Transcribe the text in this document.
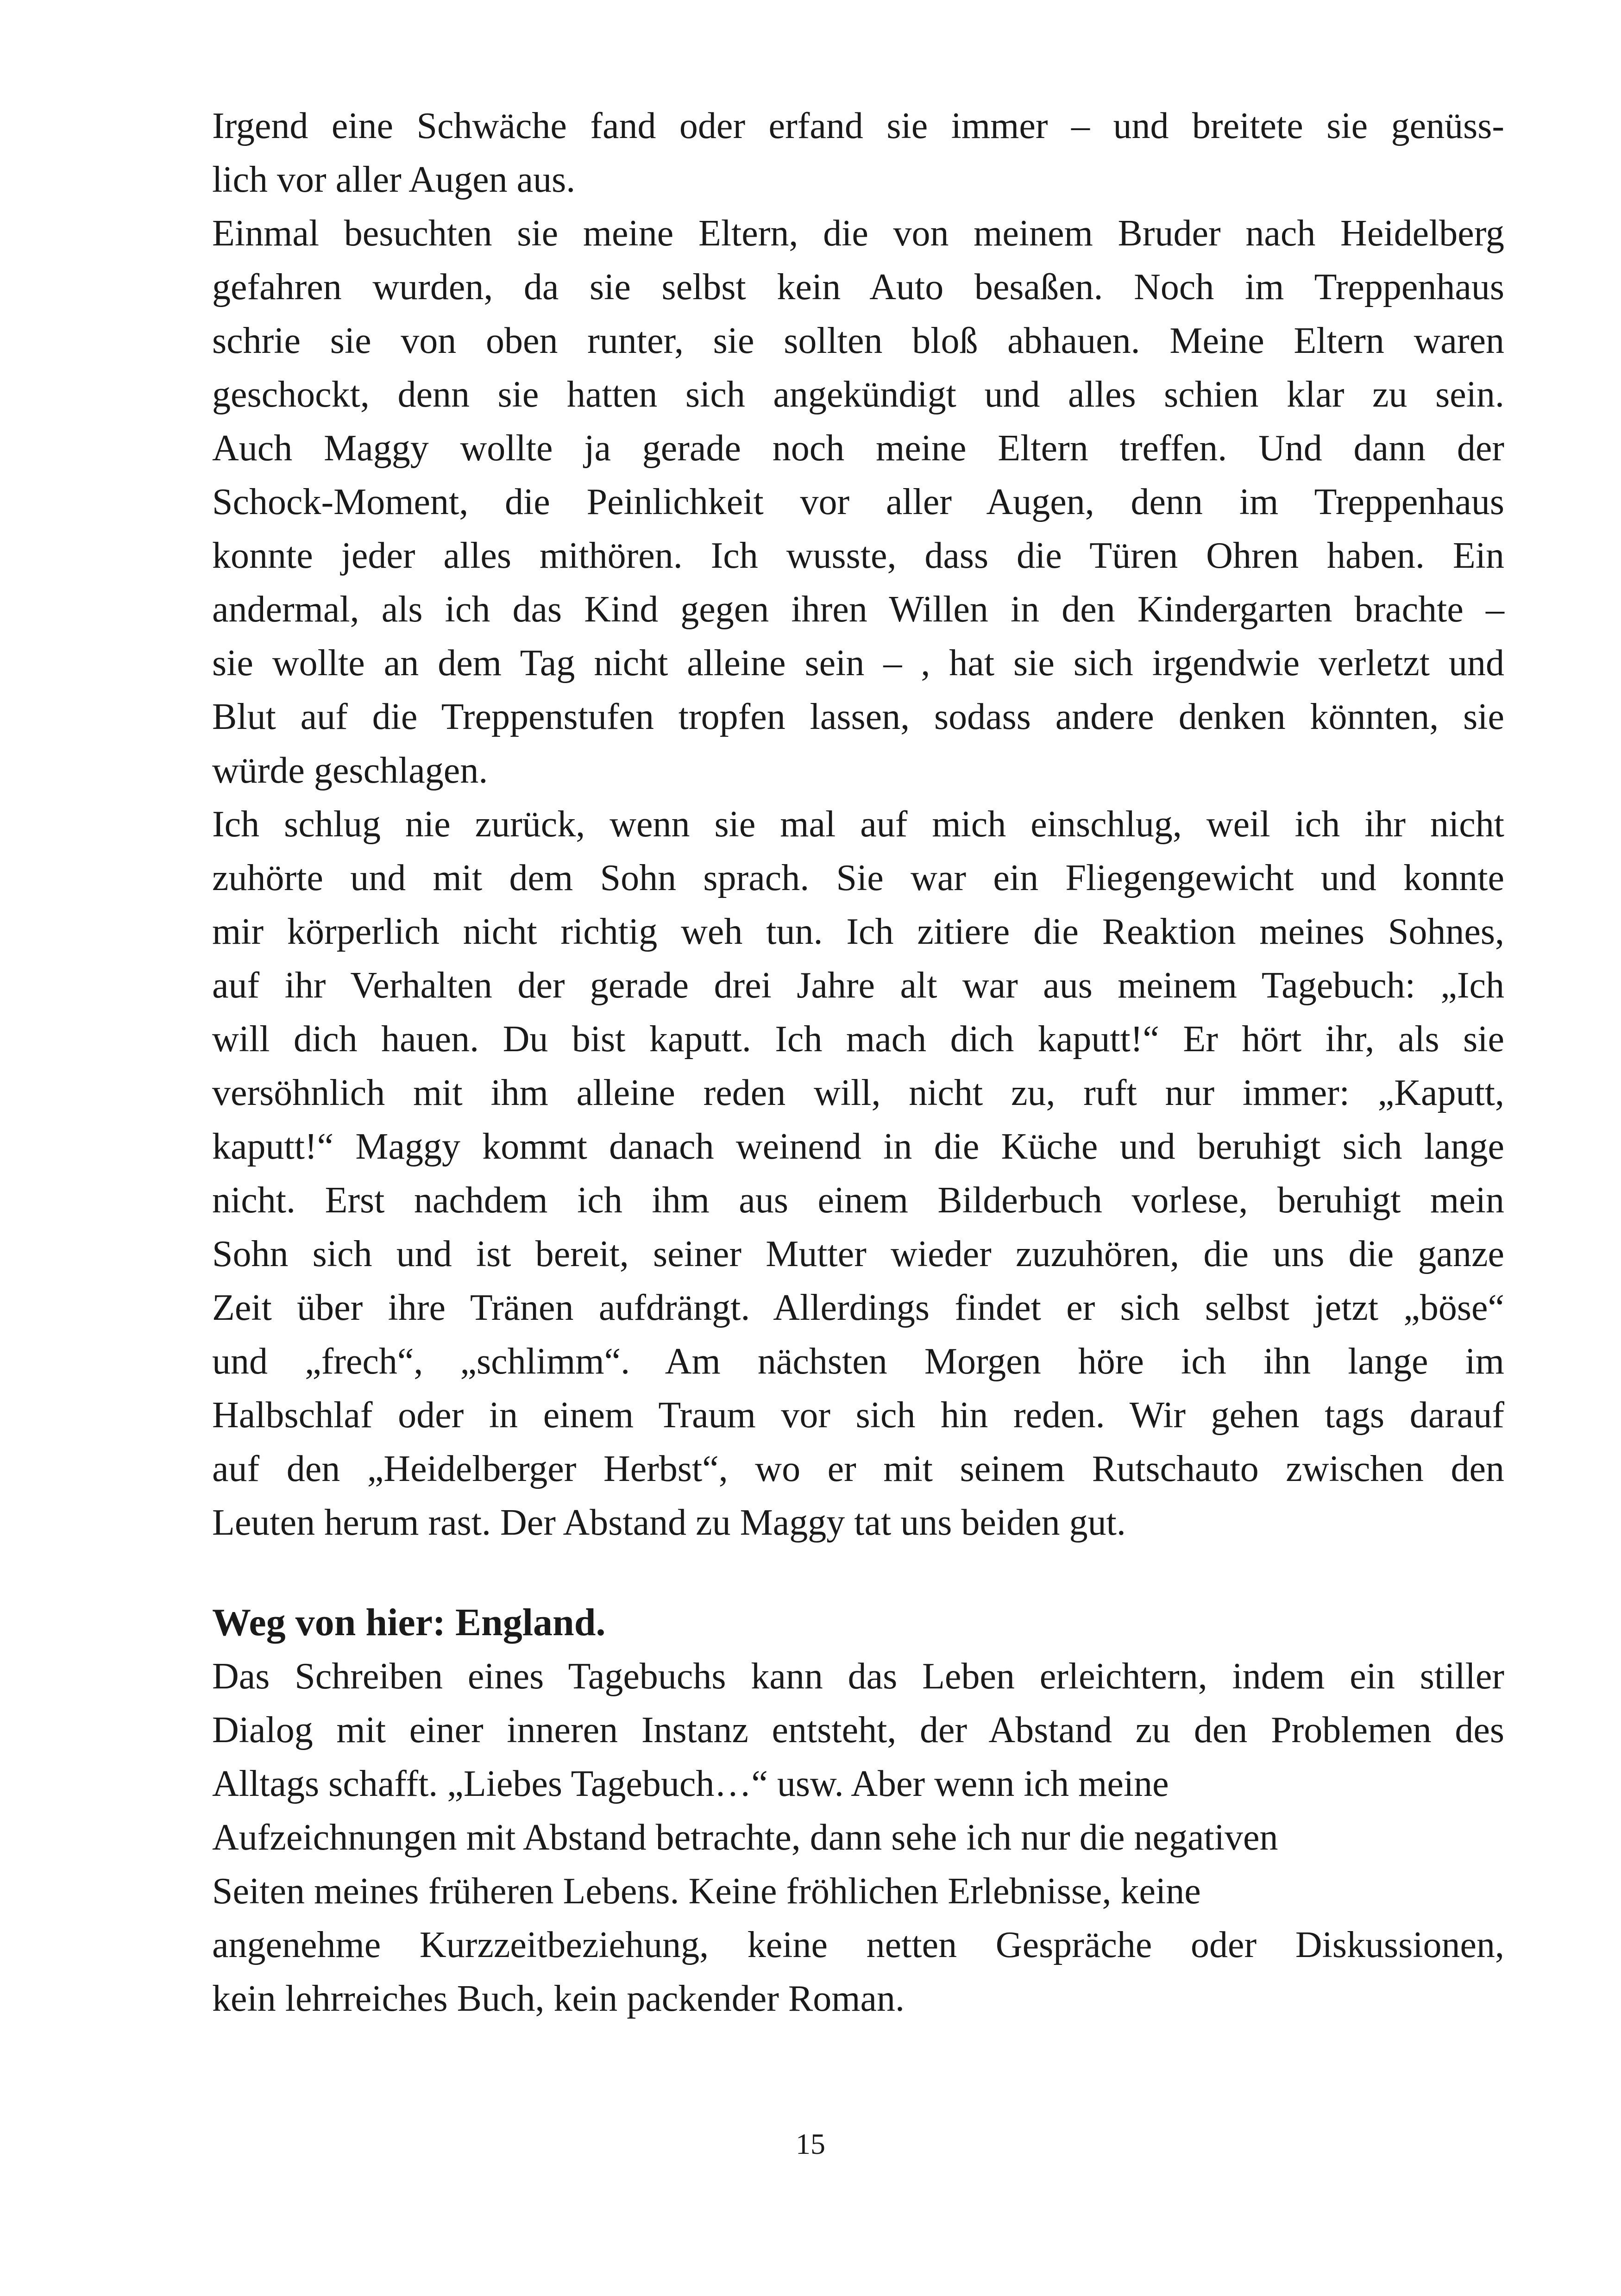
Irgend eine Schwäche fand oder erfand sie immer – und breitete sie genüss-
lich vor aller Augen aus.
Einmal besuchten sie meine Eltern, die von meinem Bruder nach Heidelberg
gefahren wurden, da sie selbst kein Auto besaßen. Noch im Treppenhaus
schrie sie von oben runter, sie sollten bloß abhauen. Meine Eltern waren
geschockt, denn sie hatten sich angekündigt und alles schien klar zu sein.
Auch Maggy wollte ja gerade noch meine Eltern treffen. Und dann der
Schock-Moment, die Peinlichkeit vor aller Augen, denn im Treppenhaus
konnte jeder alles mithören. Ich wusste, dass die Türen Ohren haben. Ein
andermal, als ich das Kind gegen ihren Willen in den Kindergarten brachte –
sie wollte an dem Tag nicht alleine sein – , hat sie sich irgendwie verletzt und
Blut auf die Treppenstufen tropfen lassen, sodass andere denken könnten, sie
würde geschlagen.
Ich schlug nie zurück, wenn sie mal auf mich einschlug, weil ich ihr nicht
zuhörte und mit dem Sohn sprach. Sie war ein Fliegengewicht und konnte
mir körperlich nicht richtig weh tun. Ich zitiere die Reaktion meines Sohnes,
auf ihr Verhalten der gerade drei Jahre alt war aus meinem Tagebuch: „Ich
will dich hauen. Du bist kaputt. Ich mach dich kaputt!“ Er hört ihr, als sie
versöhnlich mit ihm alleine reden will, nicht zu, ruft nur immer: „Kaputt,
kaputt!“ Maggy kommt danach weinend in die Küche und beruhigt sich lange
nicht. Erst nachdem ich ihm aus einem Bilderbuch vorlese, beruhigt mein
Sohn sich und ist bereit, seiner Mutter wieder zuzuhören, die uns die ganze
Zeit über ihre Tränen aufdrängt. Allerdings findet er sich selbst jetzt „böse“
und „frech“, „schlimm“. Am nächsten Morgen höre ich ihn lange im
Halbschlaf oder in einem Traum vor sich hin reden. Wir gehen tags darauf
auf den „Heidelberger Herbst“, wo er mit seinem Rutschauto zwischen den
Leuten herum rast. Der Abstand zu Maggy tat uns beiden gut.
Weg von hier: England.
Das Schreiben eines Tagebuchs kann das Leben erleichtern, indem ein stiller
Dialog mit einer inneren Instanz entsteht, der Abstand zu den Problemen des
Alltags schafft. „Liebes Tagebuch…“ usw. Aber wenn ich meine
Aufzeichnungen mit Abstand betrachte, dann sehe ich nur die negativen
Seiten meines früheren Lebens. Keine fröhlichen Erlebnisse, keine
angenehme Kurzzeitbeziehung, keine netten Gespräche oder Diskussionen,
kein lehrreiches Buch, kein packender Roman.
15
